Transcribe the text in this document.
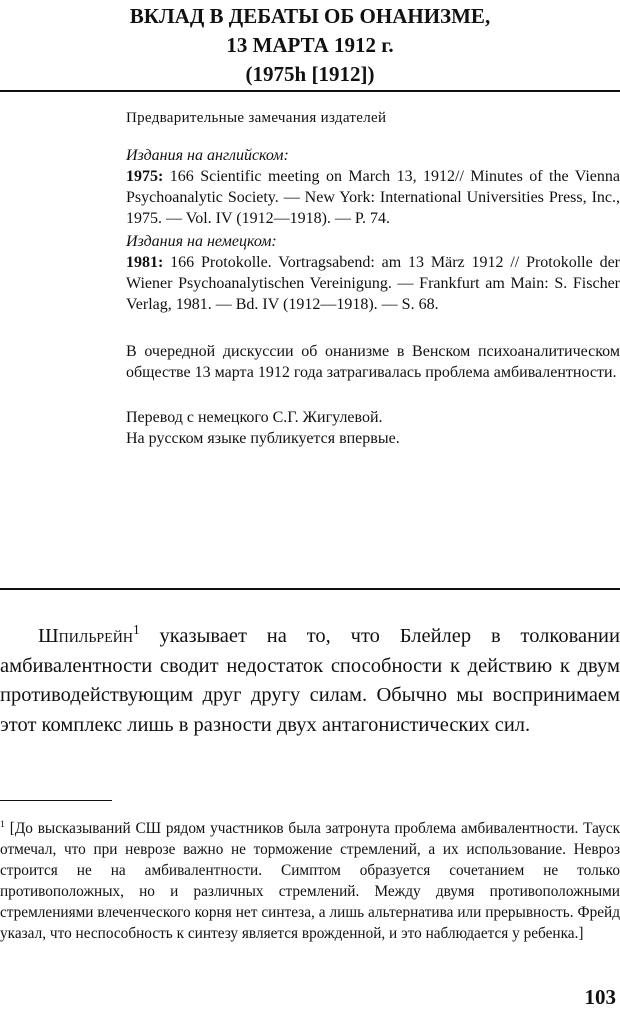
ВКЛАД В ДЕБАТЫ ОБ ОНАНИЗМЕ,
13 МАРТА 1912 г.
(1975h [1912])
Предварительные замечания издателей
Издания на английском:
1975: 166 Scientific meeting on March 13, 1912// Minutes of the Vienna Psychoanalytic Society. — New York: International Universities Press, Inc., 1975. — Vol. IV (1912—1918). — P. 74.
Издания на немецком:
1981: 166 Protokolle. Vortragsabend: am 13 März 1912 // Protokolle der Wiener Psychoanalytischen Vereinigung. — Frankfurt am Main: S. Fischer Verlag, 1981. — Bd. IV (1912—1918). — S. 68.
В очередной дискуссии об онанизме в Венском психоаналитическом обществе 13 марта 1912 года затрагивалась проблема амбивалентности.
Перевод с немецкого С.Г. Жигулевой.
На русском языке публикуется впервые.
Шпильрейн$^1$ указывает на то, что Блейлер в толковании амбивалентности сводит недостаток способности к действию к двум противодействующим друг другу силам. Обычно мы воспринимаем этот комплекс лишь в разности двух антагонистических сил.
$^1$ [До высказываний СШ рядом участников была затронута проблема амбивалентности. Тауск отмечал, что при неврозе важно не торможение стремлений, а их использование. Невроз строится не на амбивалентности. Симптом образуется сочетанием не только противоположных, но и различных стремлений. Между двумя противоположными стремлениями влеченческого корня нет синтеза, а лишь альтернатива или прерывность. Фрейд указал, что неспособность к синтезу является врожденной, и это наблюдается у ребенка.]
103
